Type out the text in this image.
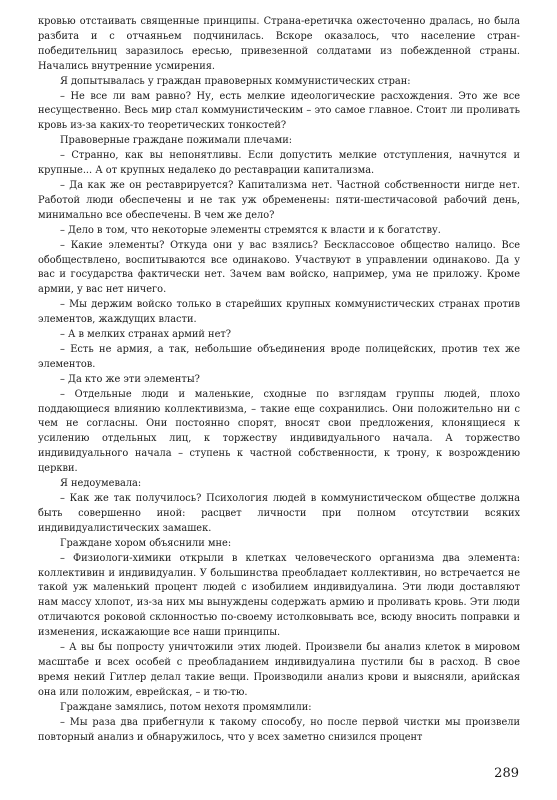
кровью отстаивать священные принципы. Страна-еретичка ожесточенно дралась, но была разбита и с отчаяньем подчинилась. Вскоре оказалось, что население стран-победительниц заразилось ересью, привезенной солдатами из побежденной страны. Начались внутренние усмирения.

Я допытывалась у граждан правоверных коммунистических стран:

– Не все ли вам равно? Ну, есть мелкие идеологические расхождения. Это же все несущественно. Весь мир стал коммунистическим – это самое главное. Стоит ли проливать кровь из-за каких-то теоретических тонкостей?

Правоверные граждане пожимали плечами:

– Странно, как вы непонятливы. Если допустить мелкие отступления, начнутся и крупные... А от крупных недалеко до реставрации капитализма.

– Да как же он реставрируется? Капитализма нет. Частной собственности нигде нет. Работой люди обеспечены и не так уж обременены: пяти-шестичасовой рабочий день, минимально все обеспечены. В чем же дело?

– Дело в том, что некоторые элементы стремятся к власти и к богатству.

– Какие элементы? Откуда они у вас взялись? Бесклассовое общество налицо. Все обобществлено, воспитываются все одинаково. Участвуют в управлении одинаково. Да у вас и государства фактически нет. Зачем вам войско, например, ума не приложу. Кроме армии, у вас нет ничего.

– Мы держим войско только в старейших крупных коммунистических странах против элементов, жаждущих власти.

– А в мелких странах армий нет?

– Есть не армия, а так, небольшие объединения вроде полицейских, против тех же элементов.

– Да кто же эти элементы?

– Отдельные люди и маленькие, сходные по взглядам группы людей, плохо поддающиеся влиянию коллективизма, – такие еще сохранились. Они положительно ни с чем не согласны. Они постоянно спорят, вносят свои предложения, клонящиеся к усилению отдельных лиц, к торжеству индивидуального начала. А торжество индивидуального начала – ступень к частной собственности, к трону, к возрождению церкви.

Я недоумевала:

– Как же так получилось? Психология людей в коммунистическом обществе должна быть совершенно иной: расцвет личности при полном отсутствии всяких индивидуалистических замашек.

Граждане хором объяснили мне:

– Физиологи-химики открыли в клетках человеческого организма два элемента: коллективин и индивидуалин. У большинства преобладает коллективин, но встречается не такой уж маленький процент людей с изобилием индивидуалина. Эти люди доставляют нам массу хлопот, из-за них мы вынуждены содержать армию и проливать кровь. Эти люди отличаются роковой склонностью по-своему истолковывать все, всюду вносить поправки и изменения, искажающие все наши принципы.

– А вы бы попросту уничтожили этих людей. Произвели бы анализ клеток в мировом масштабе и всех особей с преобладанием индивидуалина пустили бы в расход. В свое время некий Гитлер делал такие вещи. Производили анализ крови и выясняли, арийская она или положим, еврейская, – и тю-тю.

Граждане замялись, потом нехотя промямлили:

– Мы раза два прибегнули к такому способу, но после первой чистки мы произвели повторный анализ и обнаружилось, что у всех заметно снизился процент

289
